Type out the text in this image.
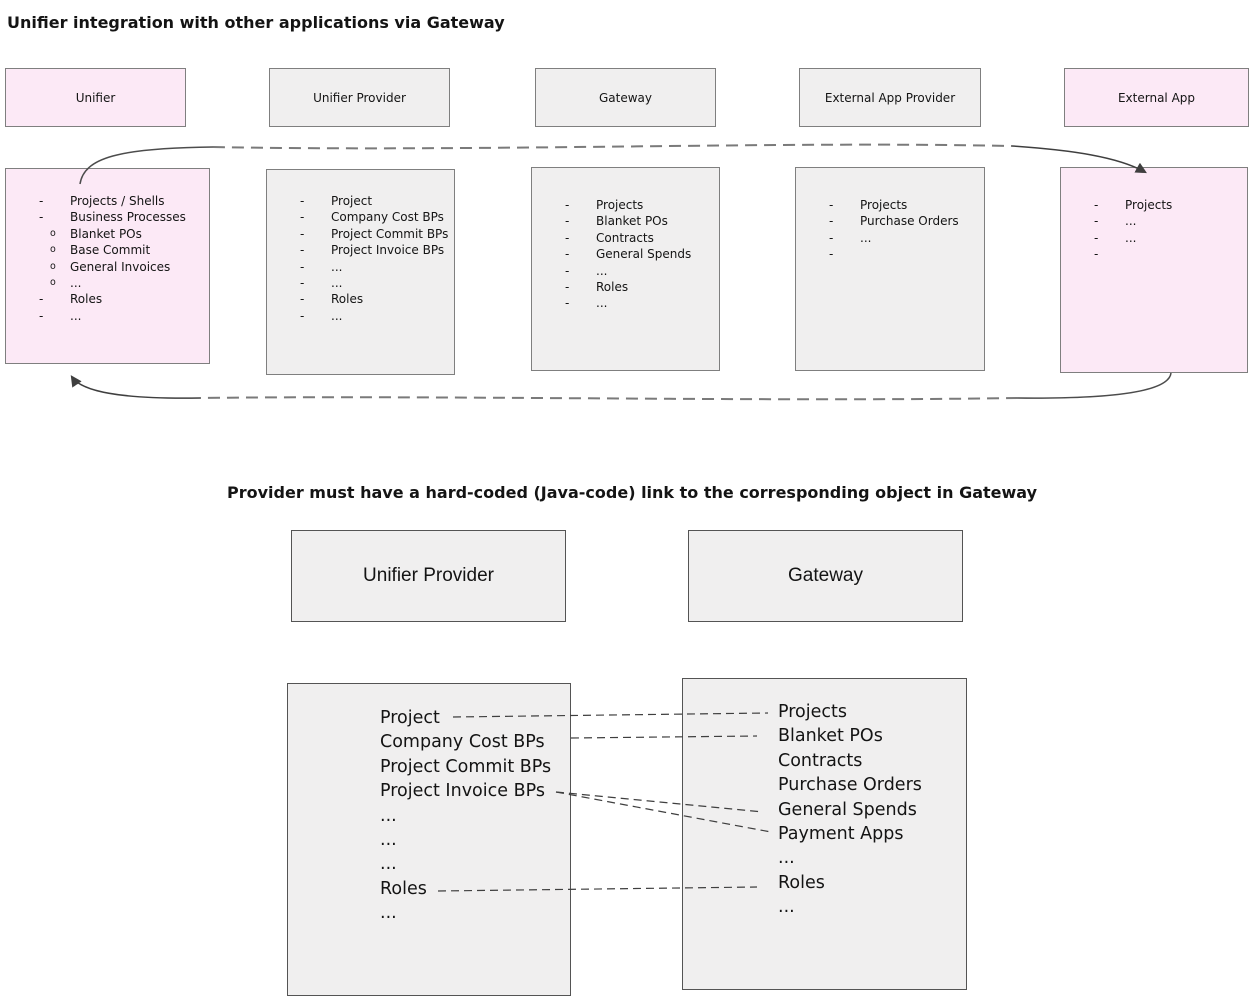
Unifier integration with other applications via Gateway
Unifier	Unifier Provider	Gateway	External App Provider	External App
-	Projects / Shells
-	Business Processes
o	Blanket POs
o	Base Commit
o	General Invoices
o	...
-	Roles
-	...
-	Project
-	Company Cost BPs
-	Project Commit BPs
-	Project Invoice BPs
-	...
-	...
-	Roles
-	...
-	Projects
-	Blanket POs
-	Contracts
-	General Spends
-	...
-	Roles
-	...
-	Projects
-	Purchase Orders
-	...
-
-	Projects
-	...
-	...
-
Provider must have a hard-coded (Java-code) link to the corresponding object in Gateway
Unifier Provider	Gateway
Project
Company Cost BPs
Project Commit BPs
Project Invoice BPs
...
...
...
Roles
...
Projects
Blanket POs
Contracts
Purchase Orders
General Spends
Payment Apps
...
Roles
...
